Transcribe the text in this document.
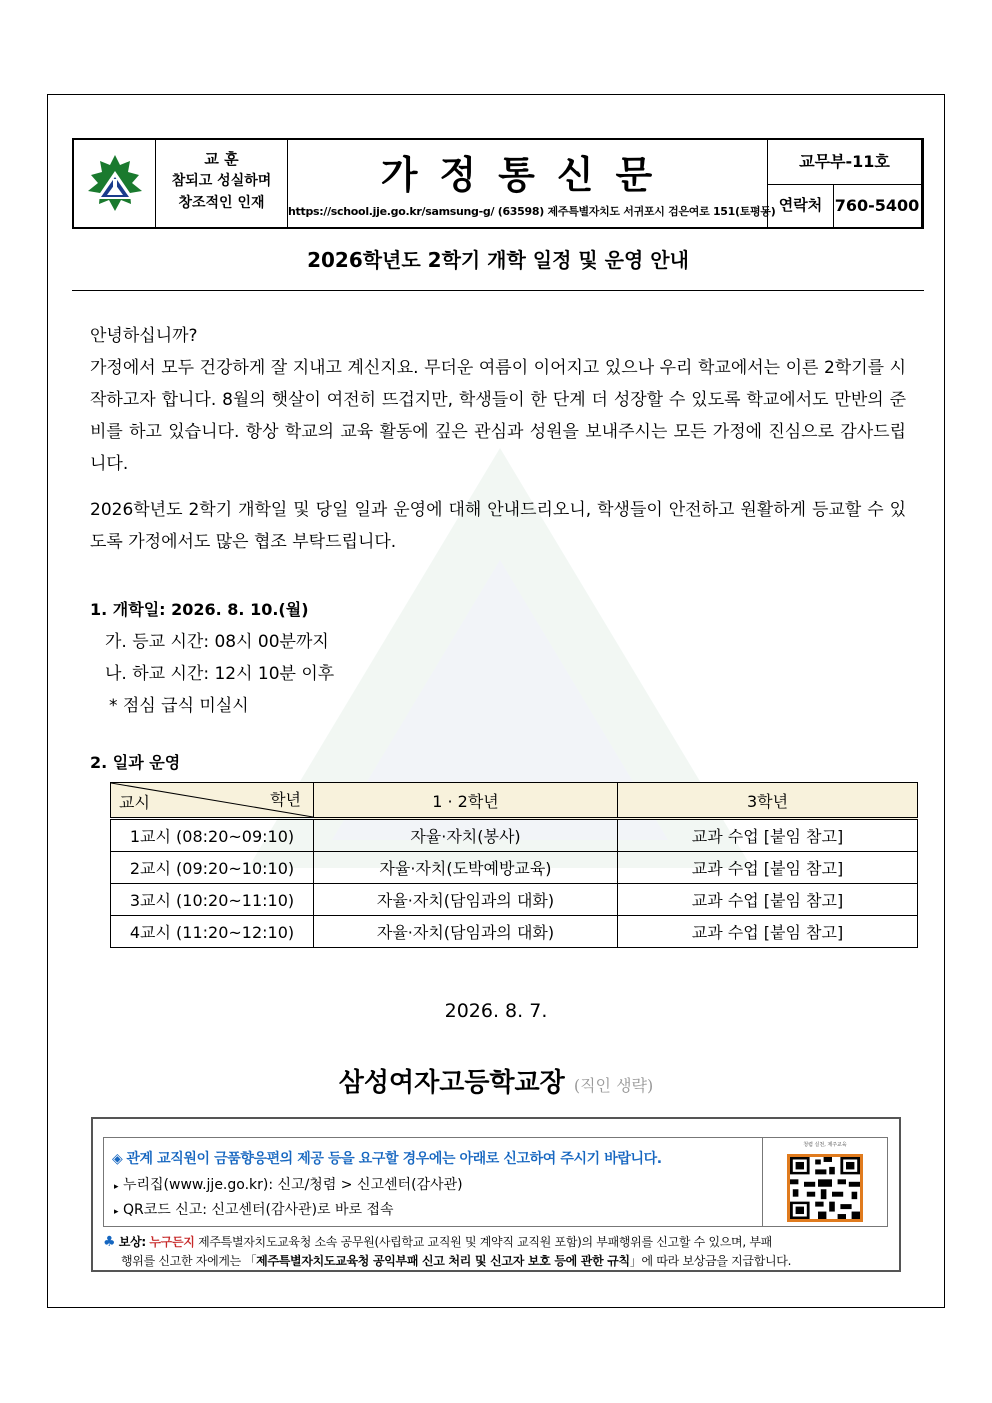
교 훈
참되고 성실하며
창조적인 인재
가정통신문
https://school.jje.go.kr/samsung-g/ (63598) 제주특별자치도 서귀포시 검은여로 151(토평동)
교무부-11호
연락처 760-5400
2026학년도 2학기 개학 일정 및 운영 안내
안녕하십니까?
가정에서 모두 건강하게 잘 지내고 계신지요. 무더운 여름이 이어지고 있으나 우리 학교에서는 이른 2학기를 시작하고자 합니다. 8월의 햇살이 여전히 뜨겁지만, 학생들이 한 단계 더 성장할 수 있도록 학교에서도 만반의 준비를 하고 있습니다. 항상 학교의 교육 활동에 깊은 관심과 성원을 보내주시는 모든 가정에 진심으로 감사드립니다.
2026학년도 2학기 개학일 및 당일 일과 운영에 대해 안내드리오니, 학생들이 안전하고 원활하게 등교할 수 있도록 가정에서도 많은 협조 부탁드립니다.
1. 개학일: 2026. 8. 10.(월)
가. 등교 시간: 08시 00분까지
나. 하교 시간: 12시 10분 이후
* 점심 급식 미실시
2. 일과 운영
교시 학년	1 · 2학년	3학년
1교시 (08:20~09:10)	자율·자치(봉사)	교과 수업 [붙임 참고]
2교시 (09:20~10:10)	자율·자치(도박예방교육)	교과 수업 [붙임 참고]
3교시 (10:20~11:10)	자율·자치(담임과의 대화)	교과 수업 [붙임 참고]
4교시 (11:20~12:10)	자율·자치(담임과의 대화)	교과 수업 [붙임 참고]
2026. 8. 7.
삼성여자고등학교장 (직인 생략)
◈ 관계 교직원이 금품향응편의 제공 등을 요구할 경우에는 아래로 신고하여 주시기 바랍니다.
▸ 누리집(www.jje.go.kr): 신고/청렴 > 신고센터(감사관)
▸ QR코드 신고: 신고센터(감사관)로 바로 접속
청렴 실천, 제주교육
♣ 보상: 누구든지 제주특별자치도교육청 소속 공무원(사립학교 교직원 및 계약직 교직원 포함)의 부패행위를 신고할 수 있으며, 부패
행위를 신고한 자에게는 「제주특별자치도교육청 공익부패 신고 처리 및 신고자 보호 등에 관한 규칙」에 따라 보상금을 지급합니다.
